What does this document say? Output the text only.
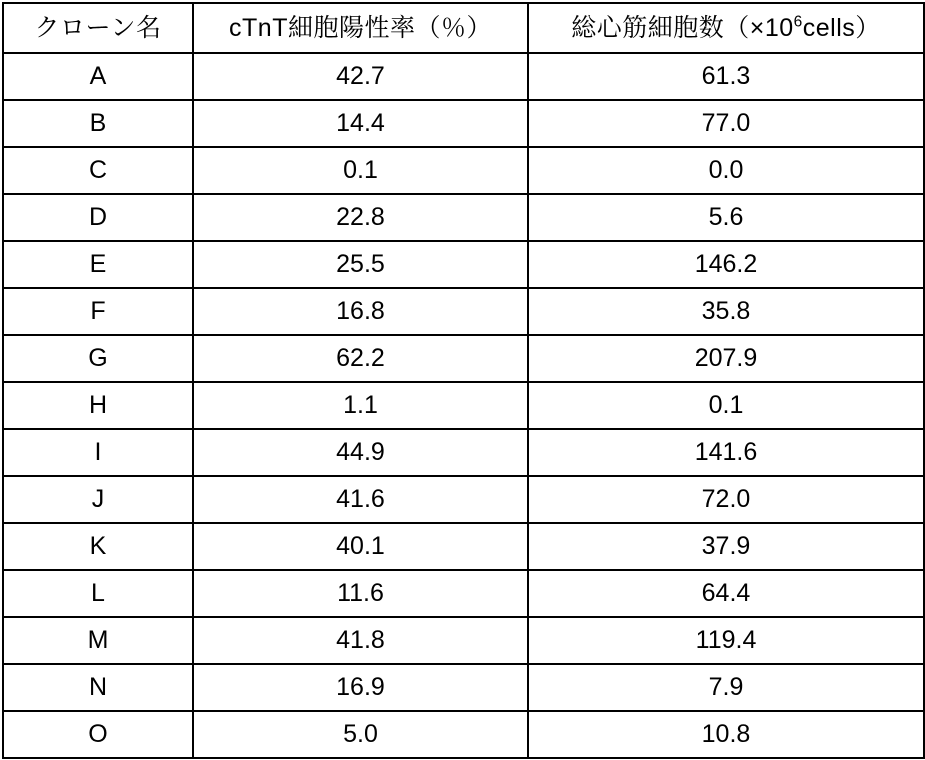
クローン名	cTnT細胞陽性率（％）	総心筋細胞数$(\times 10^6cells)$

A	42.7	61.3
B	14.4	77.0
C	0.1	0.0
D	22.8	5.6
E	25.5	146.2
F	16.8	35.8
G	62.2	207.9
H	1.1	0.1
I	44.9	141.6
J	41.6	72.0
K	40.1	37.9
L	11.6	64.4
M	41.8	119.4
N	16.9	7.9
O	5.0	10.8
